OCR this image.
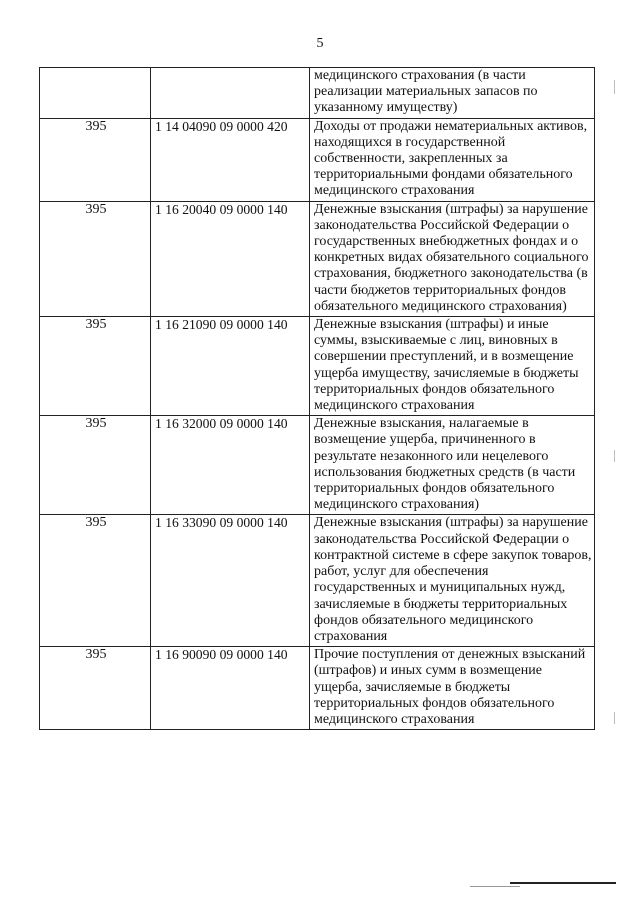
5
		медицинского страхования (в части реализации материальных запасов по указанному имуществу)
395	1 14 04090 09 0000 420	Доходы от продажи нематериальных активов, находящихся в государственной собственности, закрепленных за территориальными фондами обязательного медицинского страхования
395	1 16 20040 09 0000 140	Денежные взыскания (штрафы) за нарушение законодательства Российской Федерации о государственных внебюджетных фондах и о конкретных видах обязательного социального страхования, бюджетного законодательства (в части бюджетов территориальных фондов обязательного медицинского страхования)
395	1 16 21090 09 0000 140	Денежные взыскания (штрафы) и иные суммы, взыскиваемые с лиц, виновных в совершении преступлений, и в возмещение ущерба имуществу, зачисляемые в бюджеты территориальных фондов обязательного медицинского страхования
395	1 16 32000 09 0000 140	Денежные взыскания, налагаемые в возмещение ущерба, причиненного в результате незаконного или нецелевого использования бюджетных средств (в части территориальных фондов обязательного медицинского страхования)
395	1 16 33090 09 0000 140	Денежные взыскания (штрафы) за нарушение законодательства Российской Федерации о контрактной системе в сфере закупок товаров, работ, услуг для обеспечения государственных и муниципальных нужд, зачисляемые в бюджеты территориальных фондов обязательного медицинского страхования
395	1 16 90090 09 0000 140	Прочие поступления от денежных взысканий (штрафов) и иных сумм в возмещение ущерба, зачисляемые в бюджеты территориальных фондов обязательного медицинского страхования
